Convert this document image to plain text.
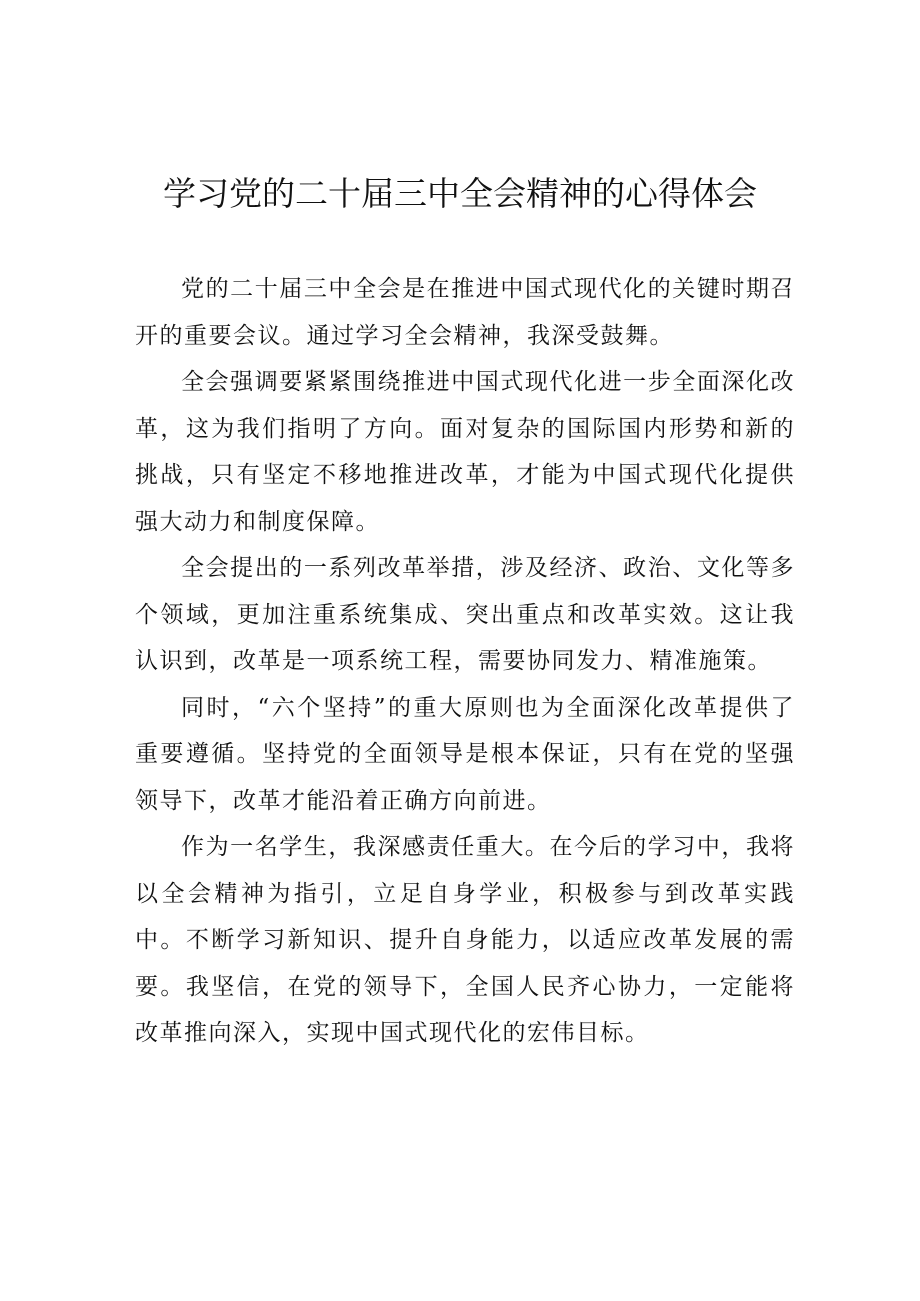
学习党的二十届三中全会精神的心得体会

党的二十届三中全会是在推进中国式现代化的关键时期召开的重要会议。通过学习全会精神，我深受鼓舞。

全会强调要紧紧围绕推进中国式现代化进一步全面深化改革，这为我们指明了方向。面对复杂的国际国内形势和新的挑战，只有坚定不移地推进改革，才能为中国式现代化提供强大动力和制度保障。

全会提出的一系列改革举措，涉及经济、政治、文化等多个领域，更加注重系统集成、突出重点和改革实效。这让我认识到，改革是一项系统工程，需要协同发力、精准施策。

同时，“六个坚持”的重大原则也为全面深化改革提供了重要遵循。坚持党的全面领导是根本保证，只有在党的坚强领导下，改革才能沿着正确方向前进。

作为一名学生，我深感责任重大。在今后的学习中，我将以全会精神为指引，立足自身学业，积极参与到改革实践中。不断学习新知识、提升自身能力，以适应改革发展的需要。我坚信，在党的领导下，全国人民齐心协力，一定能将改革推向深入，实现中国式现代化的宏伟目标。
